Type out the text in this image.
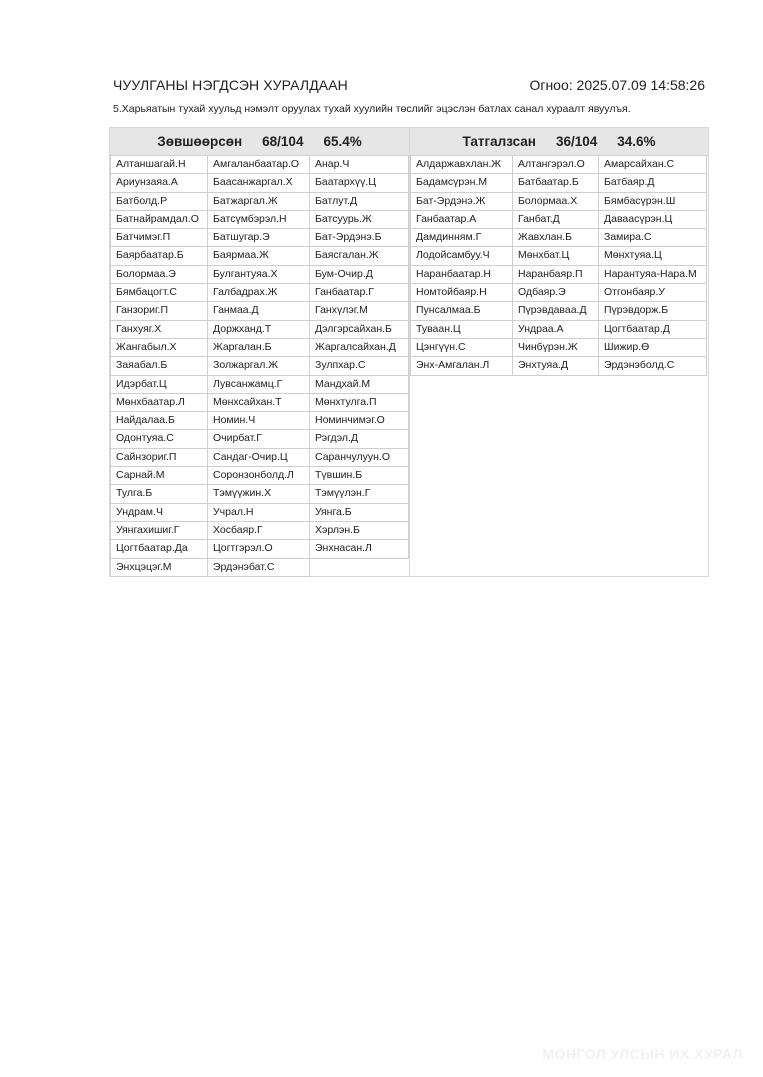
ЧУУЛГАНЫ НЭГДСЭН ХУРАЛДААН	Огноо: 2025.07.09 14:58:26
5.Харьяатын тухай хуульд нэмэлт оруулах тухай хуулийн төслийг эцэслэн батлах санал хураалт явуулъя.
Зөвшөөрсөн 68/104 65.4%
Алтаншагай.Н	Амгаланбаатар.О	Анар.Ч
Ариунзаяа.А	Баасанжаргал.Х	Баатархүү.Ц
Батболд.Р	Батжаргал.Ж	Батлут.Д
Батнайрамдал.О	Батсүмбэрэл.Н	Батсуурь.Ж
Батчимэг.П	Батшугар.Э	Бат-Эрдэнэ.Б
Баярбаатар.Б	Баярмаа.Ж	Баясгалан.Ж
Болормаа.Э	Булгантуяа.Х	Бум-Очир.Д
Бямбацогт.С	Галбадрах.Ж	Ганбаатар.Г
Ганзориг.П	Ганмаа.Д	Ганхүлэг.М
Ганхуяг.Х	Доржханд.Т	Дэлгэрсайхан.Б
Жангабыл.Х	Жаргалан.Б	Жаргалсайхан.Д
Заяабал.Б	Золжаргал.Ж	Зулпхар.С
Идэрбат.Ц	Лувсанжамц.Г	Мандхай.М
Мөнхбаатар.Л	Мөнхсайхан.Т	Мөнхтулга.П
Найдалаа.Б	Номин.Ч	Номинчимэг.О
Одонтуяа.С	Очирбат.Г	Рэгдэл.Д
Сайнзориг.П	Сандаг-Очир.Ц	Саранчулуун.О
Сарнай.М	Соронзонболд.Л	Түвшин.Б
Тулга.Б	Тэмүүжин.Х	Тэмүүлэн.Г
Ундрам.Ч	Учрал.Н	Уянга.Б
Уянгахишиг.Г	Хосбаяр.Г	Хэрлэн.Б
Цогтбаатар.Да	Цогтгэрэл.О	Энхнасан.Л
Энхцэцэг.М	Эрдэнэбат.С
Татгалзсан 36/104 34.6%
Алдаржавхлан.Ж	Алтангэрэл.О	Амарсайхан.С
Бадамсүрэн.М	Батбаатар.Б	Батбаяр.Д
Бат-Эрдэнэ.Ж	Болормаа.Х	Бямбасүрэн.Ш
Ганбаатар.А	Ганбат.Д	Даваасүрэн.Ц
Дамдинням.Г	Жавхлан.Б	Замира.С
Лодойсамбуу.Ч	Мөнхбат.Ц	Мөнхтуяа.Ц
Наранбаатар.Н	Наранбаяр.П	Нарантуяа-Нара.М
Номтойбаяр.Н	Одбаяр.Э	Отгонбаяр.У
Пунсалмаа.Б	Пүрэвдаваа.Д	Пүрэвдорж.Б
Туваан.Ц	Ундраа.А	Цогтбаатар.Д
Цэнгүүн.С	Чинбүрэн.Ж	Шижир.Ө
Энх-Амгалан.Л	Энхтуяа.Д	Эрдэнэболд.С
МОНГОЛ УЛСЫН ИХ ХУРАЛ
